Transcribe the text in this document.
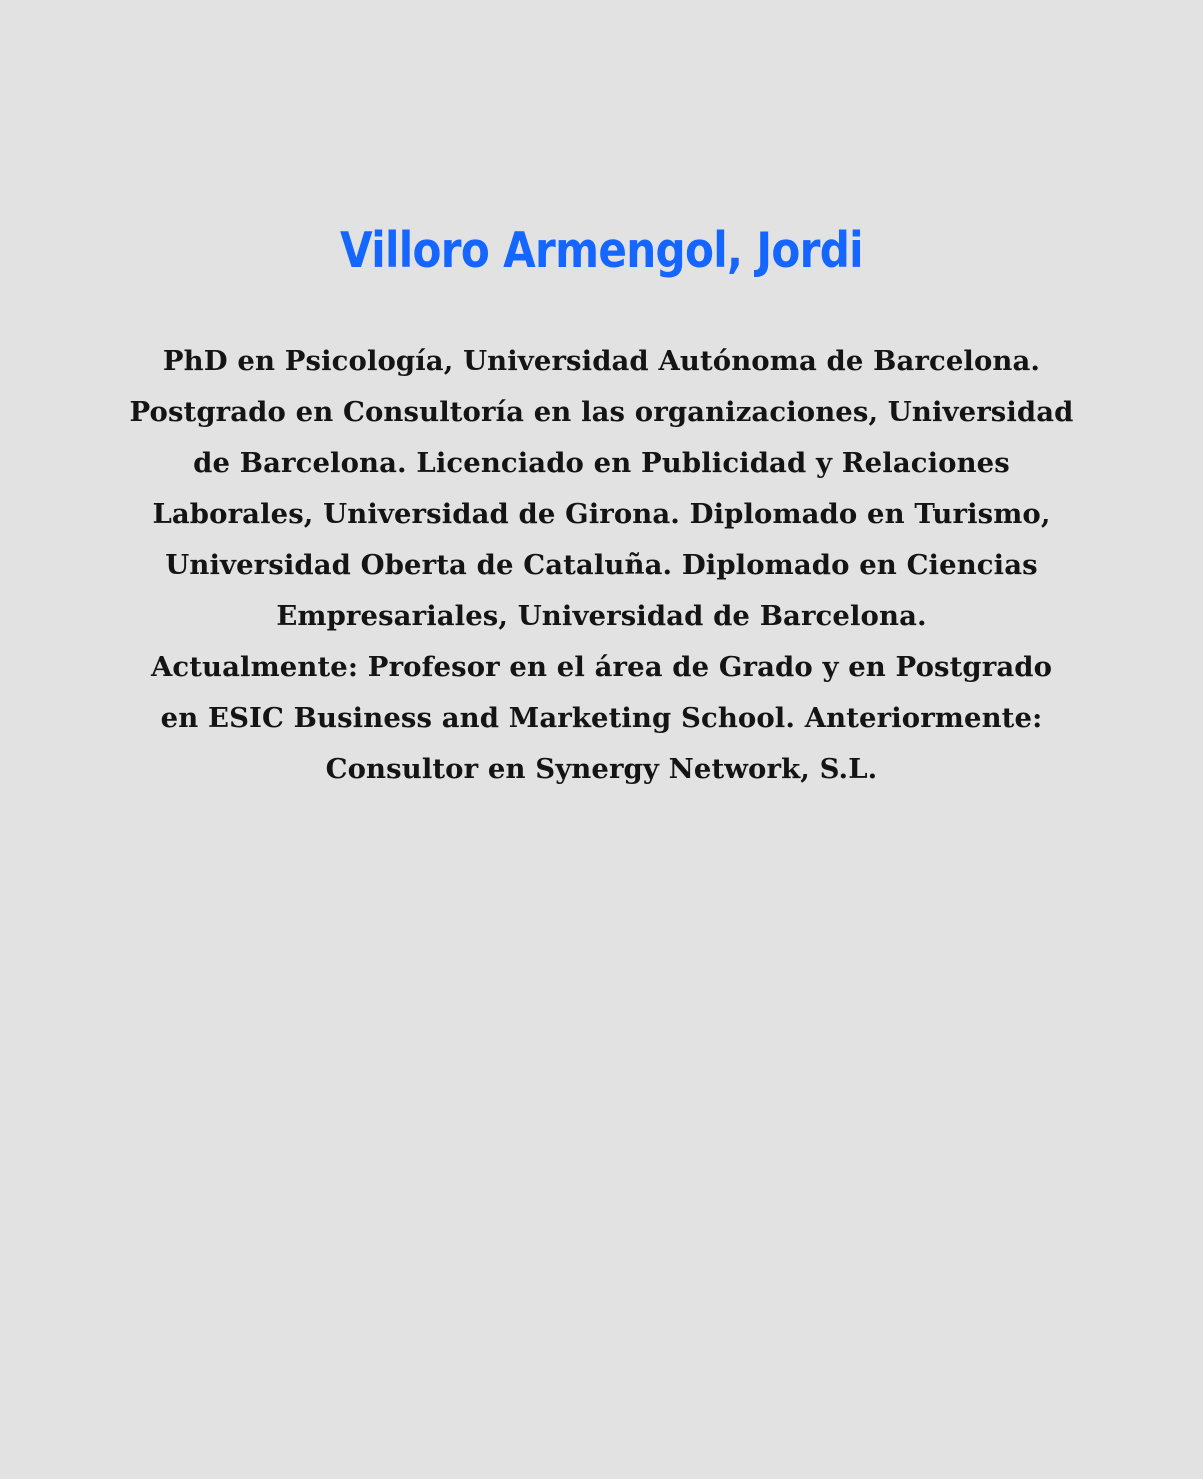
Villoro Armengol, Jordi
PhD en Psicología, Universidad Autónoma de Barcelona.
Postgrado en Consultoría en las organizaciones, Universidad
de Barcelona. Licenciado en Publicidad y Relaciones
Laborales, Universidad de Girona. Diplomado en Turismo,
Universidad Oberta de Cataluña. Diplomado en Ciencias
Empresariales, Universidad de Barcelona.
Actualmente: Profesor en el área de Grado y en Postgrado
en ESIC Business and Marketing School. Anteriormente:
Consultor en Synergy Network, S.L.
